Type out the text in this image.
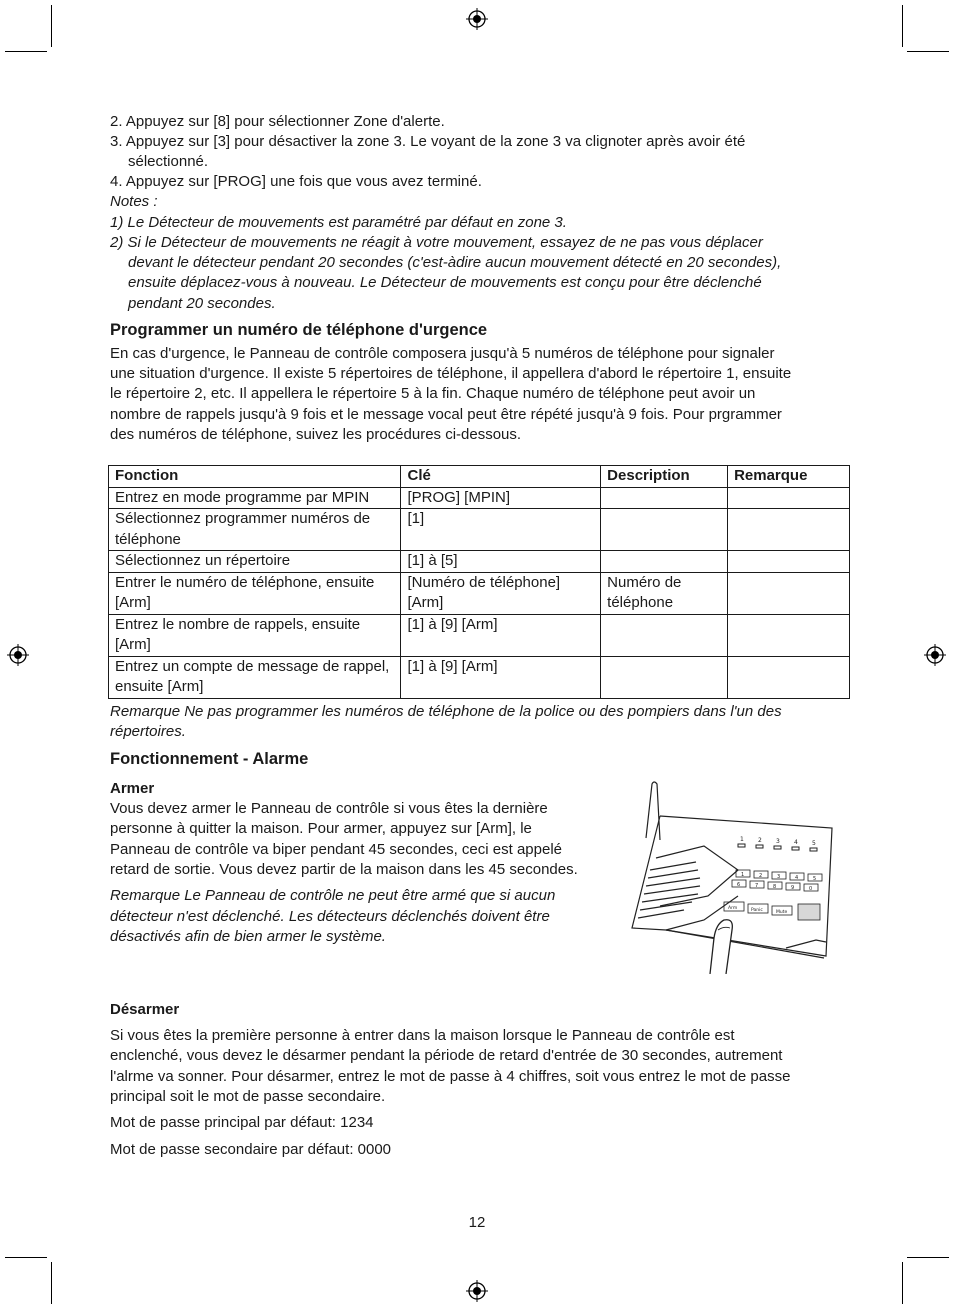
2. Appuyez sur [8] pour sélectionner Zone d'alerte.
3. Appuyez sur [3] pour désactiver la zone 3. Le voyant de la zone 3 va clignoter après avoir été
sélectionné.
4. Appuyez sur [PROG] une fois que vous avez terminé.
Notes :
1) Le Détecteur de mouvements est paramétré par défaut en zone 3.
2) Si le Détecteur de mouvements ne réagit à votre mouvement, essayez de ne pas vous déplacer
devant le détecteur pendant 20 secondes (c'est-àdire aucun mouvement détecté en 20 secondes),
ensuite déplacez-vous à nouveau. Le Détecteur de mouvements est conçu pour être déclenché
pendant 20 secondes.
Programmer un numéro de téléphone d'urgence
En cas d'urgence, le Panneau de contrôle composera jusqu'à 5 numéros de téléphone pour signaler
une situation d'urgence. Il existe 5 répertoires de téléphone, il appellera d'abord le répertoire 1, ensuite
le répertoire 2, etc. Il appellera le répertoire 5 à la fin. Chaque numéro de téléphone peut avoir un
nombre de rappels jusqu'à 9 fois et le message vocal peut être répété jusqu'à 9 fois. Pour prgrammer
des numéros de téléphone, suivez les procédures ci-dessous.
Fonction	Clé	Description	Remarque
Entrez en mode programme par MPIN	[PROG] [MPIN]		
Sélectionnez programmer numéros de téléphone	[1]		
Sélectionnez un répertoire	[1] à [5]		
Entrer le numéro de téléphone, ensuite [Arm]	[Numéro de téléphone] [Arm]	Numéro de téléphone	
Entrez le nombre de rappels, ensuite [Arm]	[1] à [9] [Arm]		
Entrez un compte de message de rappel, ensuite [Arm]	[1] à [9] [Arm]		
Remarque Ne pas programmer les numéros de téléphone de la police ou des pompiers dans l'un des
répertoires.
Fonctionnement - Alarme
Armer
Vous devez armer le Panneau de contrôle si vous êtes la dernière
personne à quitter la maison. Pour armer, appuyez sur [Arm], le
Panneau de contrôle va biper pendant 45 secondes, ceci est appelé
retard de sortie. Vous devez partir de la maison dans les 45 secondes.
Remarque Le Panneau de contrôle ne peut être armé que si aucun
détecteur n'est déclenché. Les détecteurs déclenchés doivent être
désactivés afin de bien armer le système.
1 2 3 4 5
1	2	3	4	5
6	7	8	9	0
Arm	Panic	Mute
Désarmer
Si vous êtes la première personne à entrer dans la maison lorsque le Panneau de contrôle est
enclenché, vous devez le désarmer pendant la période de retard d'entrée de 30 secondes, autrement
l'alrme va sonner. Pour désarmer, entrez le mot de passe à 4 chiffres, soit vous entrez le mot de passe
principal soit le mot de passe secondaire.
Mot de passe principal par défaut: 1234
Mot de passe secondaire par défaut: 0000
12
